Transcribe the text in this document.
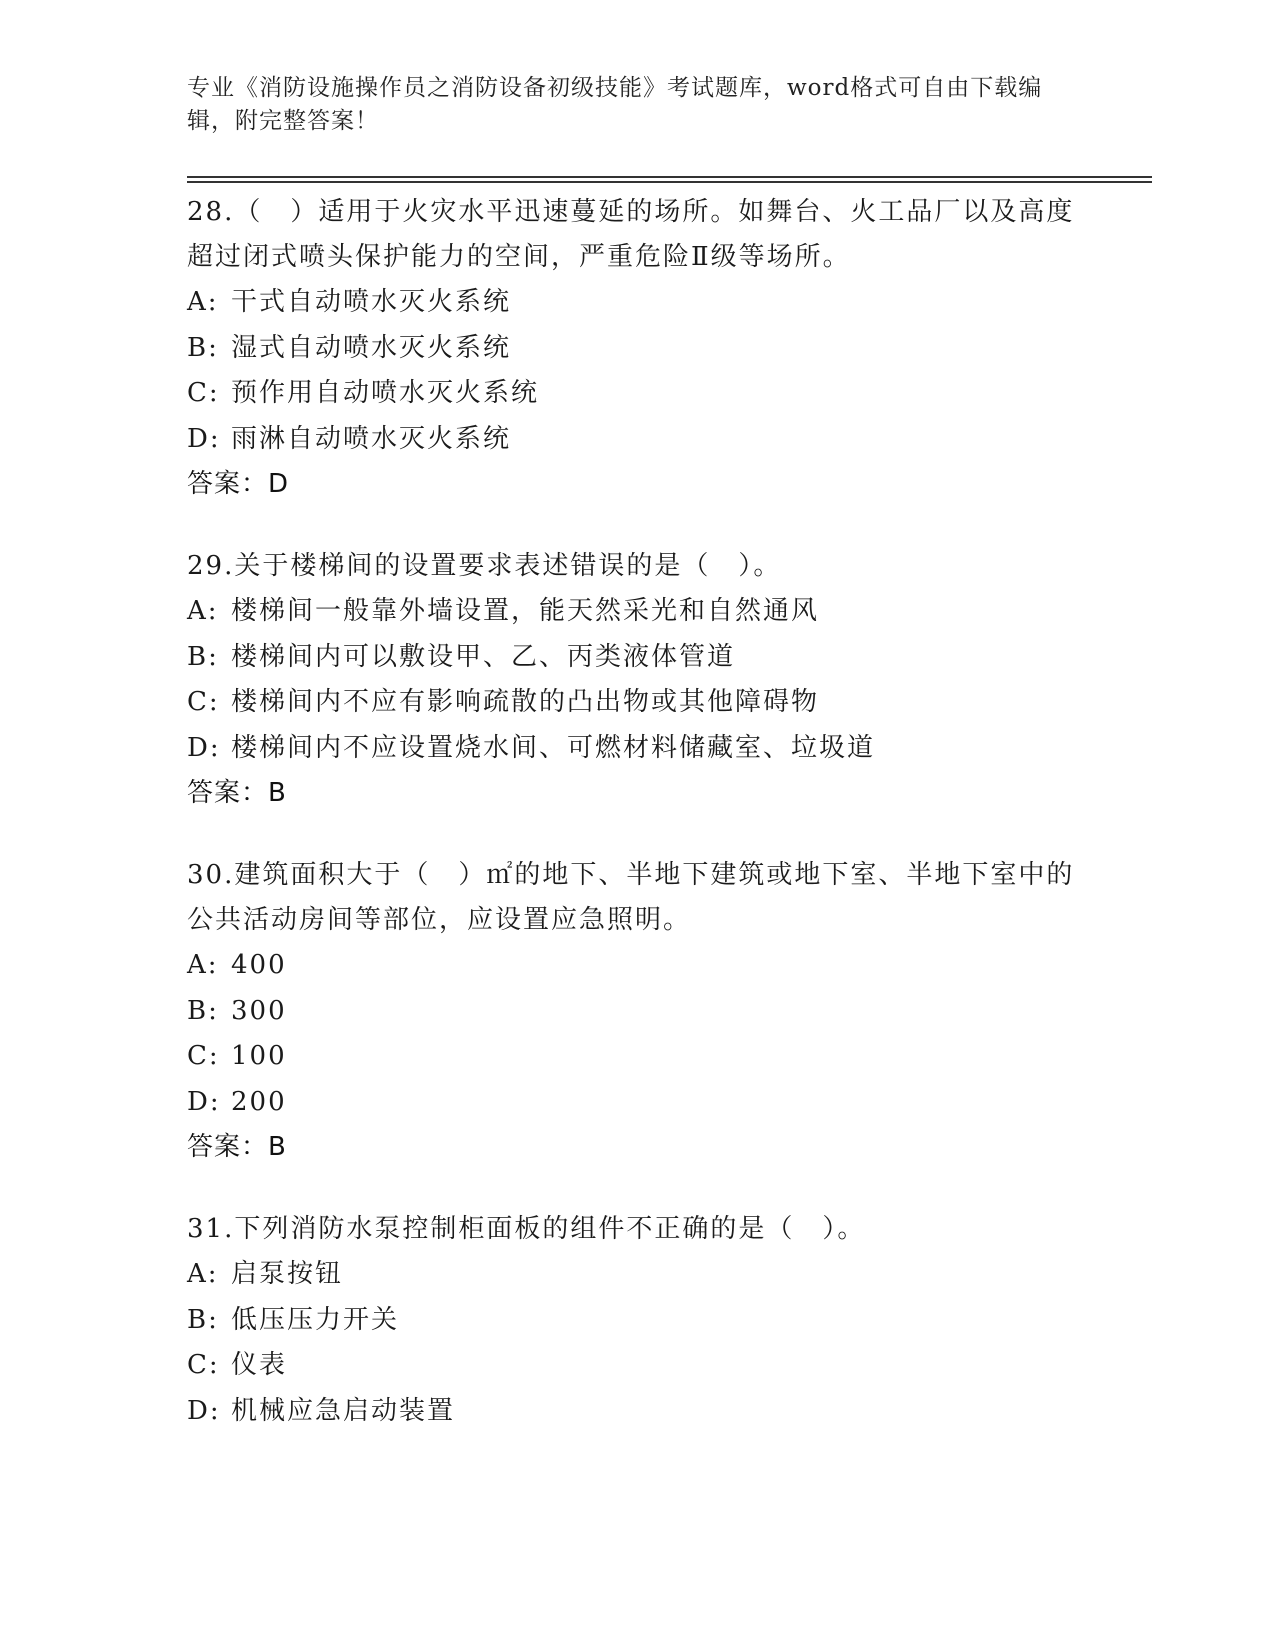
专业《消防设施操作员之消防设备初级技能》考试题库，word格式可自由下载编辑，附完整答案！

28.（　）适用于火灾水平迅速蔓延的场所。如舞台、火工品厂以及高度超过闭式喷头保护能力的空间，严重危险Ⅱ级等场所。

A: 干式自动喷水灭火系统

B: 湿式自动喷水灭火系统

C: 预作用自动喷水灭火系统

D: 雨淋自动喷水灭火系统

答案：D

29.关于楼梯间的设置要求表述错误的是（　）。

A: 楼梯间一般靠外墙设置，能天然采光和自然通风

B: 楼梯间内可以敷设甲、乙、丙类液体管道

C: 楼梯间内不应有影响疏散的凸出物或其他障碍物

D: 楼梯间内不应设置烧水间、可燃材料储藏室、垃圾道

答案：B

30.建筑面积大于（　）㎡的地下、半地下建筑或地下室、半地下室中的公共活动房间等部位，应设置应急照明。

A: 400

B: 300

C: 100

D: 200

答案：B

31.下列消防水泵控制柜面板的组件不正确的是（　）。

A: 启泵按钮

B: 低压压力开关

C: 仪表

D: 机械应急启动装置
